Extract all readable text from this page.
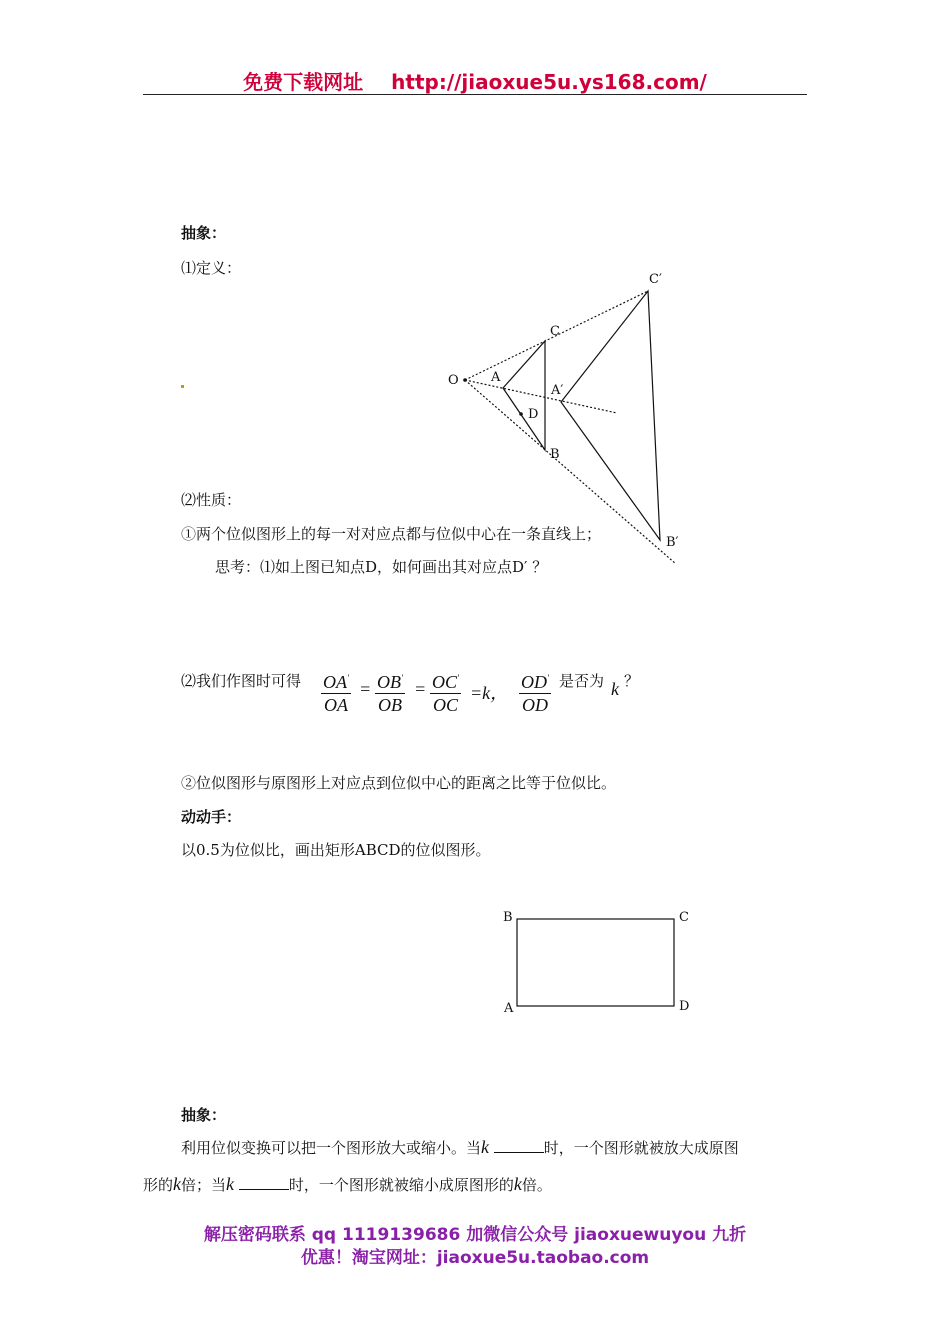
免费下载网址 http://jiaoxue5u.ys168.com/
抽象：
⑴定义：
O A
C
D
B
A′
C′
B′
⑵性质：
①两个位似图形上的每一对对应点都与位似中心在一条直线上；
思考：⑴如上图已知点D，如何画出其对应点D′ ？
⑵我们作图时可得 $\frac{OA'}{OA} = \frac{OB'}{OB} = \frac{OC'}{OC} =k$， $\frac{OD'}{OD}$ 是否为 k ？
②位似图形与原图形上对应点到位似中心的距离之比等于位似比。
动动手：
以0.5为位似比，画出矩形ABCD的位似图形。
B	C
A	D
抽象：
利用位似变换可以把一个图形放大或缩小。当k	时，一个图形就被放大成原图
形的k倍；当k	时，一个图形就被缩小成原图形的k倍。
解压密码联系 qq 1119139686 加微信公众号 jiaoxuewuyou 九折
优惠！淘宝网址：jiaoxue5u.taobao.com
